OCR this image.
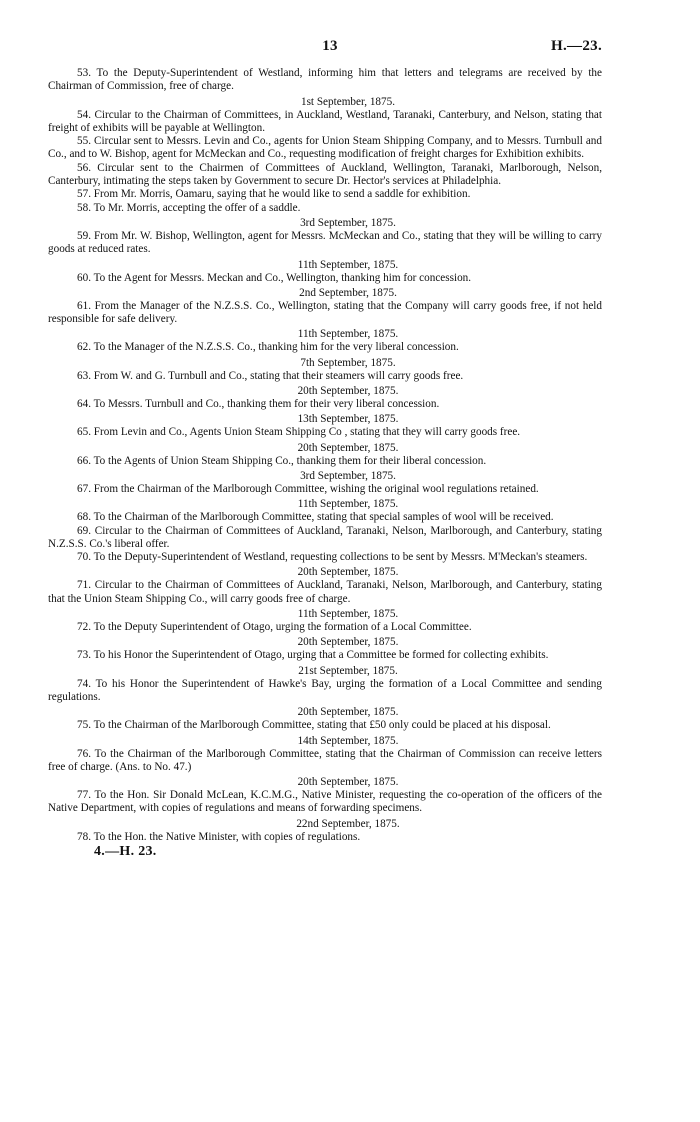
13	H.—23.

53. To the Deputy-Superintendent of Westland, informing him that letters and telegrams are received by the Chairman of Commission, free of charge.

1st September, 1875.

54. Circular to the Chairman of Committees, in Auckland, Westland, Taranaki, Canterbury, and Nelson, stating that freight of exhibits will be payable at Wellington.

55. Circular sent to Messrs. Levin and Co., agents for Union Steam Shipping Company, and to Messrs. Turnbull and Co., and to W. Bishop, agent for McMeckan and Co., requesting modification of freight charges for Exhibition exhibits.

56. Circular sent to the Chairmen of Committees of Auckland, Wellington, Taranaki, Marlborough, Nelson, Canterbury, intimating the steps taken by Government to secure Dr. Hector's services at Philadelphia.

57. From Mr. Morris, Oamaru, saying that he would like to send a saddle for exhibition.

58. To Mr. Morris, accepting the offer of a saddle.

3rd September, 1875.

59. From Mr. W. Bishop, Wellington, agent for Messrs. McMeckan and Co., stating that they will be willing to carry goods at reduced rates.

11th September, 1875.

60. To the Agent for Messrs. Meckan and Co., Wellington, thanking him for concession.

2nd September, 1875.

61. From the Manager of the N.Z.S.S. Co., Wellington, stating that the Company will carry goods free, if not held responsible for safe delivery.

11th September, 1875.

62. To the Manager of the N.Z.S.S. Co., thanking him for the very liberal concession.

7th September, 1875.

63. From W. and G. Turnbull and Co., stating that their steamers will carry goods free.

20th September, 1875.

64. To Messrs. Turnbull and Co., thanking them for their very liberal concession.

13th September, 1875.

65. From Levin and Co., Agents Union Steam Shipping Co , stating that they will carry goods free.

20th September, 1875.

66. To the Agents of Union Steam Shipping Co., thanking them for their liberal concession.

3rd September, 1875.

67. From the Chairman of the Marlborough Committee, wishing the original wool regulations retained.

11th September, 1875.

68. To the Chairman of the Marlborough Committee, stating that special samples of wool will be received.

69. Circular to the Chairman of Committees of Auckland, Taranaki, Nelson, Marlborough, and Canterbury, stating N.Z.S.S. Co.'s liberal offer.

70. To the Deputy-Superintendent of Westland, requesting collections to be sent by Messrs. M'Meckan's steamers.

20th September, 1875.

71. Circular to the Chairman of Committees of Auckland, Taranaki, Nelson, Marlborough, and Canterbury, stating that the Union Steam Shipping Co., will carry goods free of charge.

11th September, 1875.

72. To the Deputy Superintendent of Otago, urging the formation of a Local Committee.

20th September, 1875.

73. To his Honor the Superintendent of Otago, urging that a Committee be formed for collecting exhibits.

21st September, 1875.

74. To his Honor the Superintendent of Hawke's Bay, urging the formation of a Local Committee and sending regulations.

20th September, 1875.

75. To the Chairman of the Marlborough Committee, stating that £50 only could be placed at his disposal.

14th September, 1875.

76. To the Chairman of the Marlborough Committee, stating that the Chairman of Commission can receive letters free of charge. (Ans. to No. 47.)

20th September, 1875.

77. To the Hon. Sir Donald McLean, K.C.M.G., Native Minister, requesting the co-operation of the officers of the Native Department, with copies of regulations and means of forwarding specimens.

22nd September, 1875.

78. To the Hon. the Native Minister, with copies of regulations.

4.—H. 23.
